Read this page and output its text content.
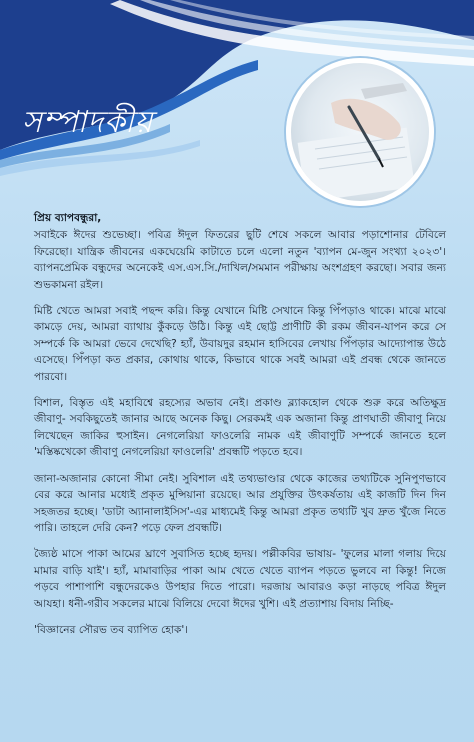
সম্পাদকীয়

প্রিয় ব্যাপবন্ধুরা,

সবাইকে ঈদের শুভেচ্ছা। পবিত্র ঈদুল ফিতরের ছুটি শেষে সকলে আবার পড়াশোনার টেবিলে ফিরেছো। যান্ত্রিক জীবনের একঘেয়েমি কাটাতে চলে এলো নতুন 'ব্যাপন মে-জুন সংখ্যা ২০২৩'। ব্যাপনপ্রেমিক বন্ধুদের অনেকেই এস.এস.সি./দাখিল/সমমান পরীক্ষায় অংশগ্রহণ করছো। সবার জন্য শুভকামনা রইল।

মিষ্টি খেতে আমরা সবাই পছন্দ করি। কিন্তু যেখানে মিষ্টি সেখানে কিন্তু পিঁপড়াও থাকে। মাঝে মাঝে কামড়ে দেয়, আমরা ব্যাথায় কুঁকড়ে উঠি। কিন্তু এই ছোট্ট প্রাণীটি কী রকম জীবন-যাপন করে সে সম্পর্কে কি আমরা ভেবে দেখেছি? হ্যাঁ, উবায়দুর রহমান হাসিবের লেখায় পিঁপড়ার আদ্যোপান্ত উঠে এসেছে। পিঁপড়া কত প্রকার, কোথায় থাকে, কিভাবে থাকে সবই আমরা এই প্রবন্ধ থেকে জানতে পারবো।

বিশাল, বিস্তৃত এই মহাবিশ্বে রহস্যের অভাব নেই। প্রকাণ্ড ব্ল্যাকহোল থেকে শুরু করে অতিক্ষুদ্র জীবাণু- সবকিছুতেই জানার আছে অনেক কিছু। সেরকমই এক অজানা কিন্তু প্রাণঘাতী জীবাণু নিয়ে লিখেছেন জাকির হুসাইন। নেগলেরিয়া ফাওলেরি নামক এই জীবাণুটি সম্পর্কে জানতে হলে 'মস্তিষ্কখেকো জীবাণু নেগলেরিয়া ফাওলেরি' প্রবন্ধটি পড়তে হবে।

জানা-অজানার কোনো সীমা নেই। সুবিশাল এই তথ্যভাণ্ডার থেকে কাজের তথ্যটিকে সুনিপুণভাবে বের করে আনার মধ্যেই প্রকৃত মুন্সিয়ানা রয়েছে। আর প্রযুক্তির উৎকর্ষতায় এই কাজটি দিন দিন সহজতর হচ্ছে। 'ডাটা অ্যানালাইসিস'-এর মাধ্যমেই কিন্তু আমরা প্রকৃত তথ্যটি খুব দ্রুত খুঁজে নিতে পারি। তাহলে দেরি কেন? পড়ে ফেল প্রবন্ধটি।

জ্যৈষ্ঠ মাসে পাকা আমের ঘ্রাণে সুবাসিত হচ্ছে হৃদয়। পল্লীকবির ভাষায়- 'ফুলের মালা গলায় দিয়ে মামার বাড়ি যাই'। হ্যাঁ, মামাবাড়ির পাকা আম খেতে খেতে ব্যাপন পড়তে ভুলবে না কিন্তু! নিজে পড়বে পাশাপাশি বন্ধুদেরকেও উপহার দিতে পারো। দরজায় আবারও কড়া নাড়ছে পবিত্র ঈদুল আযহা। ধনী-গরীব সকলের মাঝে বিলিয়ে দেবো ঈদের খুশি। এই প্রত্যাশায় বিদায় নিচ্ছি-

'বিজ্ঞানের সৌরভ তব ব্যাপিত হোক'।
